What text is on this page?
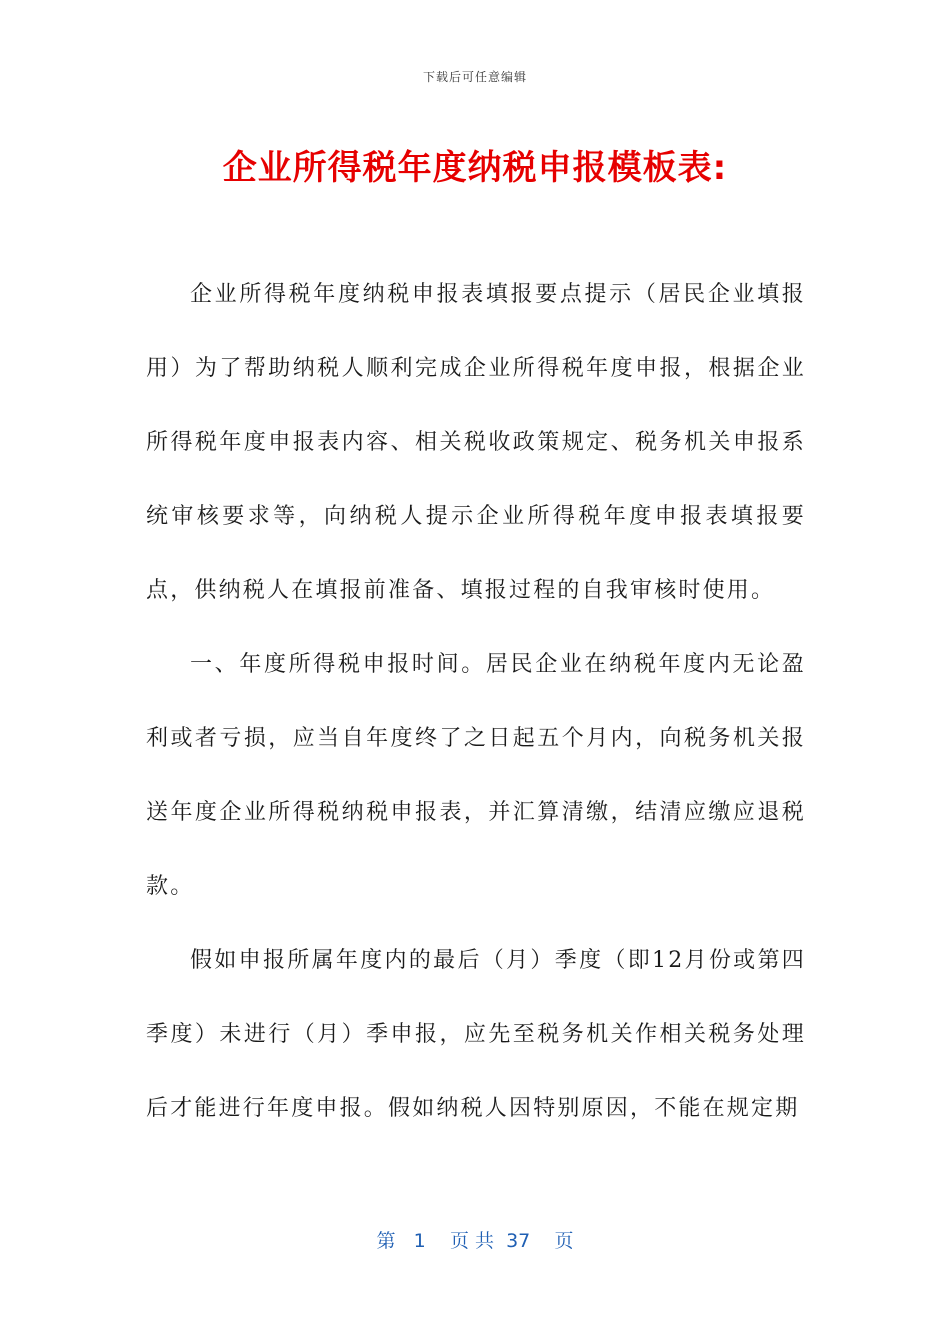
下载后可任意编辑
企业所得税年度纳税申报模板表:

企业所得税年度纳税申报表填报要点提示（居民企业填报用）为了帮助纳税人顺利完成企业所得税年度申报，根据企业所得税年度申报表内容、相关税收政策规定、税务机关申报系统审核要求等，向纳税人提示企业所得税年度申报表填报要点，供纳税人在填报前准备、填报过程的自我审核时使用。

一、年度所得税申报时间。居民企业在纳税年度内无论盈利或者亏损，应当自年度终了之日起五个月内，向税务机关报送年度企业所得税纳税申报表，并汇算清缴，结清应缴应退税款。

假如申报所属年度内的最后（月）季度（即12月份或第四季度）未进行（月）季申报，应先至税务机关作相关税务处理后才能进行年度申报。假如纳税人因特别原因，不能在规定期

第 1 页 共 37 页
